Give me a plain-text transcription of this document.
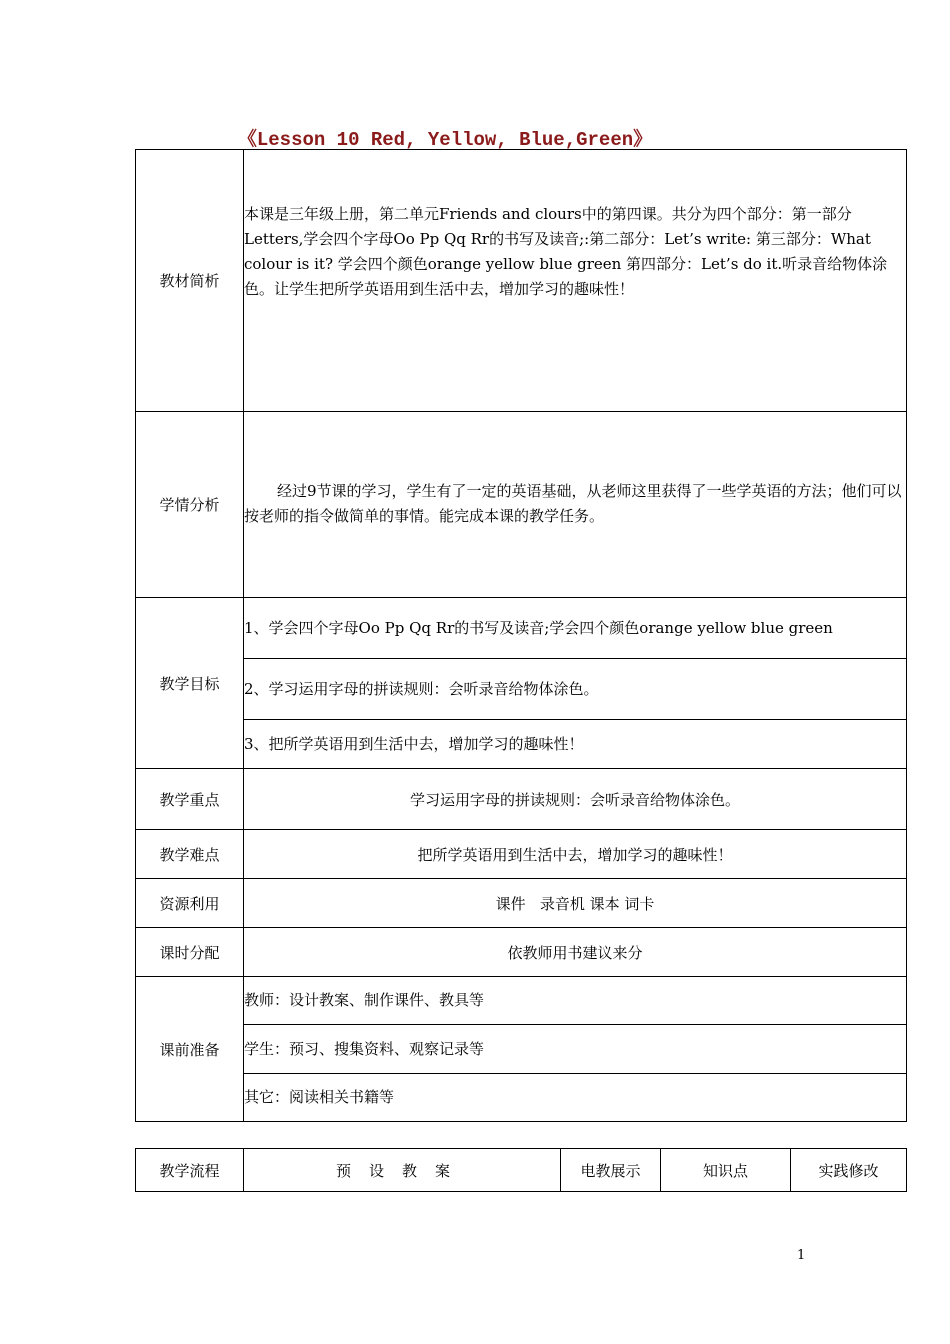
《Lesson 10 Red, Yellow, Blue,Green》
教材简析	本课是三年级上册，第二单元Friends and clours中的第四课。共分为四个部分：第一部分Letters,学会四个字母Oo Pp Qq Rr的书写及读音;:第二部分：Let’s write: 第三部分：What colour is it? 学会四个颜色orange yellow blue green 第四部分：Let’s do it.听录音给物体涂色。让学生把所学英语用到生活中去，增加学习的趣味性！

学情分析	经过9节课的学习，学生有了一定的英语基础，从老师这里获得了一些学英语的方法；他们可以按老师的指令做简单的事情。能完成本课的教学任务。

教学目标	1、学会四个字母Oo Pp Qq Rr的书写及读音;学会四个颜色orange yellow blue green
	2、学习运用字母的拼读规则：会听录音给物体涂色。
	3、把所学英语用到生活中去，增加学习的趣味性！
教学重点	学习运用字母的拼读规则：会听录音给物体涂色。
教学难点	把所学英语用到生活中去，增加学习的趣味性！
资源利用	课件   录音机 课本 词卡
课时分配	依教师用书建议来分
课前准备	教师：设计教案、制作课件、教具等
	学生：预习、搜集资料、观察记录等
	其它：阅读相关书籍等
教学流程	预设教案	电教展示	知识点	实践修改
1
